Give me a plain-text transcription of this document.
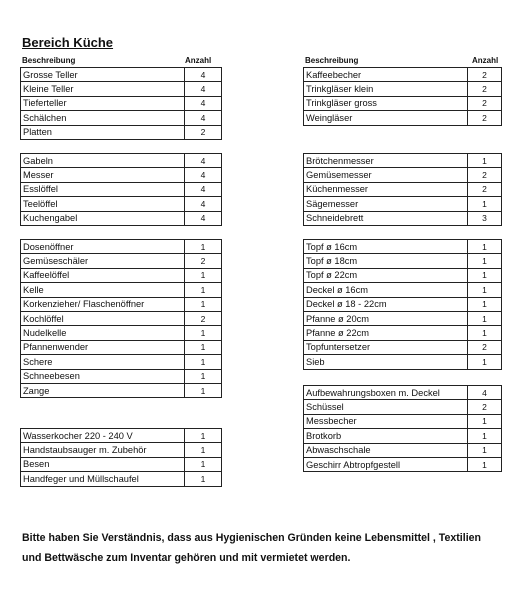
Bereich Küche
Beschreibung	Anzahl	Beschreibung	Anzahl
Grosse Teller	4
Kleine Teller	4
Tieferteller	4
Schälchen	4
Platten	2
Gabeln	4
Messer	4
Esslöffel	4
Teelöffel	4
Kuchengabel	4
Dosenöffner	1
Gemüseschäler	2
Kaffeelöffel	1
Kelle	1
Korkenzieher/ Flaschenöffner	1
Kochlöffel	2
Nudelkelle	1
Pfannenwender	1
Schere	1
Schneebesen	1
Zange	1
Wasserkocher 220 - 240 V	1
Handstaubsauger m. Zubehör	1
Besen	1
Handfeger und Müllschaufel	1
Kaffeebecher	2
Trinkgläser klein	2
Trinkgläser gross	2
Weingläser	2
Brötchenmesser	1
Gemüsemesser	2
Küchenmesser	2
Sägemesser	1
Schneidebrett	3
Topf ø 16cm	1
Topf ø 18cm	1
Topf ø 22cm	1
Deckel ø 16cm	1
Deckel ø 18 - 22cm	1
Pfanne ø 20cm	1
Pfanne ø 22cm	1
Topfuntersetzer	2
Sieb	1
Aufbewahrungsboxen m. Deckel	4
Schüssel	2
Messbecher	1
Brotkorb	1
Abwaschschale	1
Geschirr Abtropfgestell	1
Bitte haben Sie Verständnis, dass aus Hygienischen Gründen keine Lebensmittel , Textilien und Bettwäsche zum Inventar gehören und mit vermietet werden.
